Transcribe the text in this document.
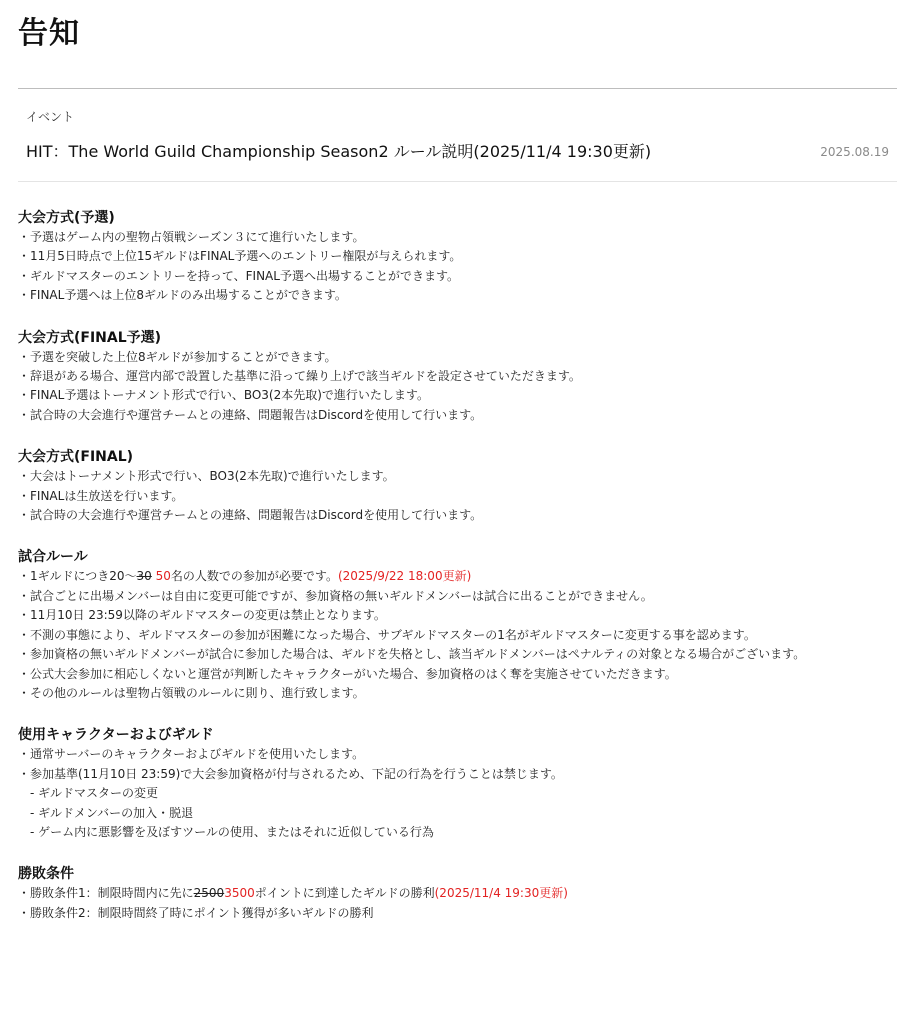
告知
イベント
HIT：The World Guild Championship Season2 ルール説明(2025/11/4 19:30更新)	2025.08.19
大会方式(予選)
・予選はゲーム内の聖物占領戦シーズン３にて進行いたします。
・11月5日時点で上位15ギルドはFINAL予選へのエントリー権限が与えられます。
・ギルドマスターのエントリーを持って、FINAL予選へ出場することができます。
・FINAL予選へは上位8ギルドのみ出場することができます。
大会方式(FINAL予選)
・予選を突破した上位8ギルドが参加することができます。
・辞退がある場合、運営内部で設置した基準に沿って繰り上げで該当ギルドを設定させていただきます。
・FINAL予選はトーナメント形式で行い、BO3(2本先取)で進行いたします。
・試合時の大会進行や運営チームとの連絡、問題報告はDiscordを使用して行います。
大会方式(FINAL)
・大会はトーナメント形式で行い、BO3(2本先取)で進行いたします。
・FINALは生放送を行います。
・試合時の大会進行や運営チームとの連絡、問題報告はDiscordを使用して行います。
試合ルール
・1ギルドにつき20～30 50名の人数での参加が必要です。(2025/9/22 18:00更新)
・試合ごとに出場メンバーは自由に変更可能ですが、参加資格の無いギルドメンバーは試合に出ることができません。
・11月10日 23:59以降のギルドマスターの変更は禁止となります。
・不測の事態により、ギルドマスターの参加が困難になった場合、サブギルドマスターの1名がギルドマスターに変更する事を認めます。
・参加資格の無いギルドメンバーが試合に参加した場合は、ギルドを失格とし、該当ギルドメンバーはペナルティの対象となる場合がございます。
・公式大会参加に相応しくないと運営が判断したキャラクターがいた場合、参加資格のはく奪を実施させていただきます。
・その他のルールは聖物占領戦のルールに則り、進行致します。
使用キャラクターおよびギルド
・通常サーバーのキャラクターおよびギルドを使用いたします。
・参加基準(11月10日 23:59)で大会参加資格が付与されるため、下記の行為を行うことは禁じます。
- ギルドマスターの変更
- ギルドメンバーの加入・脱退
- ゲーム内に悪影響を及ぼすツールの使用、またはそれに近似している行為
勝敗条件
・勝敗条件1：制限時間内に先に25003500ポイントに到達したギルドの勝利(2025/11/4 19:30更新)
・勝敗条件2：制限時間終了時にポイント獲得が多いギルドの勝利
